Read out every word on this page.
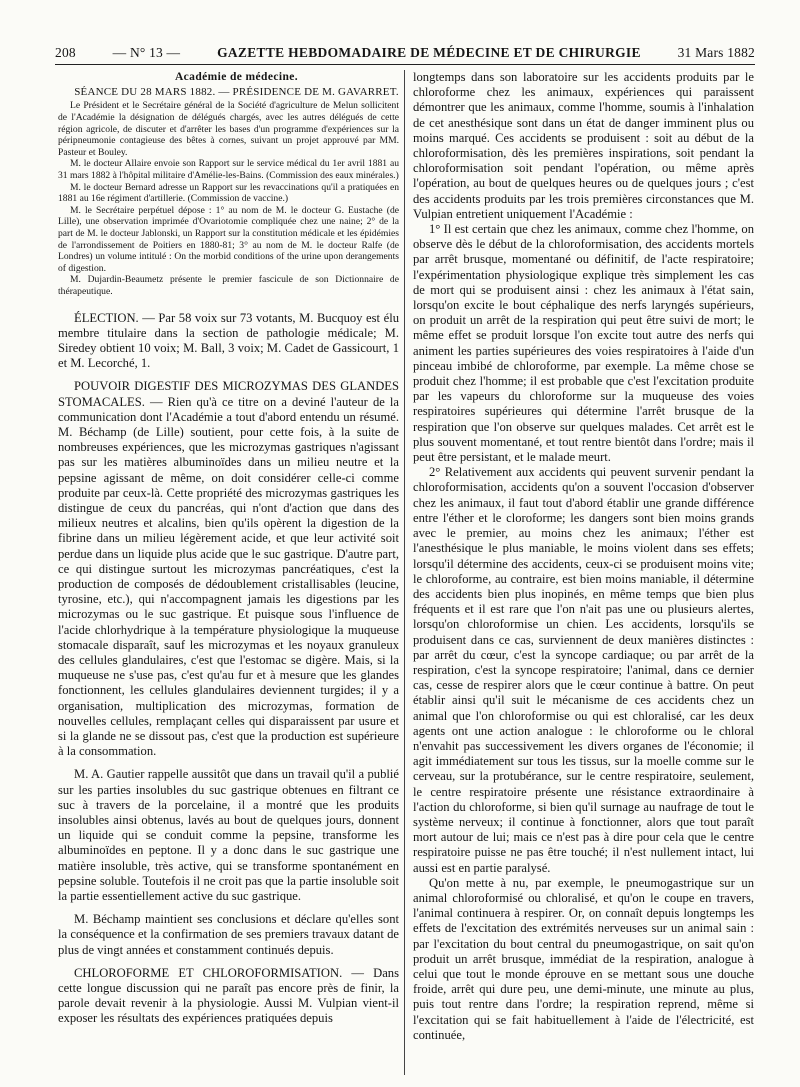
208	— N° 13 —	GAZETTE HEBDOMADAIRE DE MÉDECINE ET DE CHIRURGIE	31 Mars 1882

Académie de médecine.

SÉANCE DU 28 MARS 1882. — PRÉSIDENCE DE M. GAVARRET.

Le Président et le Secrétaire général de la Société d'agriculture de Melun sollicitent de l'Académie la désignation de délégués chargés, avec les autres délégués de cette région agricole, de discuter et d'arrêter les bases d'un programme d'expériences sur la péripneumonie contagieuse des bêtes à cornes, suivant un projet approuvé par MM. Pasteur et Bouley.

M. le docteur Allaire envoie son Rapport sur le service médical du 1er avril 1881 au 31 mars 1882 à l'hôpital militaire d'Amélie-les-Bains. (Commission des eaux minérales.)

M. le docteur Bernard adresse un Rapport sur les revaccinations qu'il a pratiquées en 1881 au 16e régiment d'artillerie. (Commission de vaccine.)

M. le Secrétaire perpétuel dépose : 1° au nom de M. le docteur G. Eustache (de Lille), une observation imprimée d'Ovariotomie compliquée chez une naine; 2° de la part de M. le docteur Jablonski, un Rapport sur la constitution médicale et les épidémies de l'arrondissement de Poitiers en 1880-81; 3° au nom de M. le docteur Ralfe (de Londres) un volume intitulé : On the morbid conditions of the urine upon derangements of digestion.

M. Dujardin-Beaumetz présente le premier fascicule de son Dictionnaire de thérapeutique.

ÉLECTION. — Par 58 voix sur 73 votants, M. Bucquoy est élu membre titulaire dans la section de pathologie médicale; M. Siredey obtient 10 voix; M. Ball, 3 voix; M. Cadet de Gassicourt, 1 et M. Lecorché, 1.

POUVOIR DIGESTIF DES MICROZYMAS DES GLANDES STOMACALES. — Rien qu'à ce titre on a deviné l'auteur de la communication dont l'Académie a tout d'abord entendu un résumé. M. Béchamp (de Lille) soutient, pour cette fois, à la suite de nombreuses expériences, que les microzymas gastriques n'agissant pas sur les matières albuminoïdes dans un milieu neutre et la pepsine agissant de même, on doit considérer celle-ci comme produite par ceux-là. Cette propriété des microzymas gastriques les distingue de ceux du pancréas, qui n'ont d'action que dans des milieux neutres et alcalins, bien qu'ils opèrent la digestion de la fibrine dans un milieu légèrement acide, et que leur activité soit perdue dans un liquide plus acide que le suc gastrique. D'autre part, ce qui distingue surtout les microzymas pancréatiques, c'est la production de composés de dédoublement cristallisables (leucine, tyrosine, etc.), qui n'accompagnent jamais les digestions par les microzymas ou le suc gastrique. Et puisque sous l'influence de l'acide chlorhydrique à la température physiologique la muqueuse stomacale disparaît, sauf les microzymas et les noyaux granuleux des cellules glandulaires, c'est que l'estomac se digère. Mais, si la muqueuse ne s'use pas, c'est qu'au fur et à mesure que les glandes fonctionnent, les cellules glandulaires deviennent turgides; il y a organisation, multiplication des microzymas, formation de nouvelles cellules, remplaçant celles qui disparaissent par usure et si la glande ne se dissout pas, c'est que la production est supérieure à la consommation.

M. A. Gautier rappelle aussitôt que dans un travail qu'il a publié sur les parties insolubles du suc gastrique obtenues en filtrant ce suc à travers de la porcelaine, il a montré que les produits insolubles ainsi obtenus, lavés au bout de quelques jours, donnent un liquide qui se conduit comme la pepsine, transforme les albuminoïdes en peptone. Il y a donc dans le suc gastrique une matière insoluble, très active, qui se transforme spontanément en pepsine soluble. Toutefois il ne croit pas que la partie insoluble soit la partie essentiellement active du suc gastrique.

M. Béchamp maintient ses conclusions et déclare qu'elles sont la conséquence et la confirmation de ses premiers travaux datant de plus de vingt années et constamment continués depuis.

CHLOROFORME ET CHLOROFORMISATION. — Dans cette longue discussion qui ne paraît pas encore près de finir, la parole devait revenir à la physiologie. Aussi M. Vulpian vient-il exposer les résultats des expériences pratiquées depuis

longtemps dans son laboratoire sur les accidents produits par le chloroforme chez les animaux, expériences qui paraissent démontrer que les animaux, comme l'homme, soumis à l'inhalation de cet anesthésique sont dans un état de danger imminent plus ou moins marqué. Ces accidents se produisent : soit au début de la chloroformisation, dès les premières inspirations, soit pendant la chloroformisation soit pendant l'opération, ou même après l'opération, au bout de quelques heures ou de quelques jours ; c'est des accidents produits par les trois premières circonstances que M. Vulpian entretient uniquement l'Académie :

1° Il est certain que chez les animaux, comme chez l'homme, on observe dès le début de la chloroformisation, des accidents mortels par arrêt brusque, momentané ou définitif, de l'acte respiratoire; l'expérimentation physiologique explique très simplement les cas de mort qui se produisent ainsi : chez les animaux à l'état sain, lorsqu'on excite le bout céphalique des nerfs laryngés supérieurs, on produit un arrêt de la respiration qui peut être suivi de mort; le même effet se produit lorsque l'on excite tout autre des nerfs qui animent les parties supérieures des voies respiratoires à l'aide d'un pinceau imbibé de chloroforme, par exemple. La même chose se produit chez l'homme; il est probable que c'est l'excitation produite par les vapeurs du chloroforme sur la muqueuse des voies respiratoires supérieures qui détermine l'arrêt brusque de la respiration que l'on observe sur quelques malades. Cet arrêt est le plus souvent momentané, et tout rentre bientôt dans l'ordre; mais il peut être persistant, et le malade meurt.

2° Relativement aux accidents qui peuvent survenir pendant la chloroformisation, accidents qu'on a souvent l'occasion d'observer chez les animaux, il faut tout d'abord établir une grande différence entre l'éther et le cloroforme; les dangers sont bien moins grands avec le premier, au moins chez les animaux; l'éther est l'anesthésique le plus maniable, le moins violent dans ses effets; lorsqu'il détermine des accidents, ceux-ci se produisent moins vite; le chloroforme, au contraire, est bien moins maniable, il détermine des accidents bien plus inopinés, en même temps que bien plus fréquents et il est rare que l'on n'ait pas une ou plusieurs alertes, lorsqu'on chloroformise un chien. Les accidents, lorsqu'ils se produisent dans ce cas, surviennent de deux manières distinctes : par arrêt du cœur, c'est la syncope cardiaque; ou par arrêt de la respiration, c'est la syncope respiratoire; l'animal, dans ce dernier cas, cesse de respirer alors que le cœur continue à battre. On peut établir ainsi qu'il suit le mécanisme de ces accidents chez un animal que l'on chloroformise ou qui est chloralisé, car les deux agents ont une action analogue : le chloroforme ou le chloral n'envahit pas successivement les divers organes de l'économie; il agit immédiatement sur tous les tissus, sur la moelle comme sur le cerveau, sur la protubérance, sur le centre respiratoire, seulement, le centre respiratoire présente une résistance extraordinaire à l'action du chloroforme, si bien qu'il surnage au naufrage de tout le système nerveux; il continue à fonctionner, alors que tout paraît mort autour de lui; mais ce n'est pas à dire pour cela que le centre respiratoire puisse ne pas être touché; il n'est nullement intact, lui aussi est en partie paralysé.

Qu'on mette à nu, par exemple, le pneumogastrique sur un animal chloroformisé ou chloralisé, et qu'on le coupe en travers, l'animal continuera à respirer. Or, on connaît depuis longtemps les effets de l'excitation des extrémités nerveuses sur un animal sain : par l'excitation du bout central du pneumogastrique, on sait qu'on produit un arrêt brusque, immédiat de la respiration, analogue à celui que tout le monde éprouve en se mettant sous une douche froide, arrêt qui dure peu, une demi-minute, une minute au plus, puis tout rentre dans l'ordre; la respiration reprend, même si l'excitation qui se fait habituellement à l'aide de l'électricité, est continuée,
